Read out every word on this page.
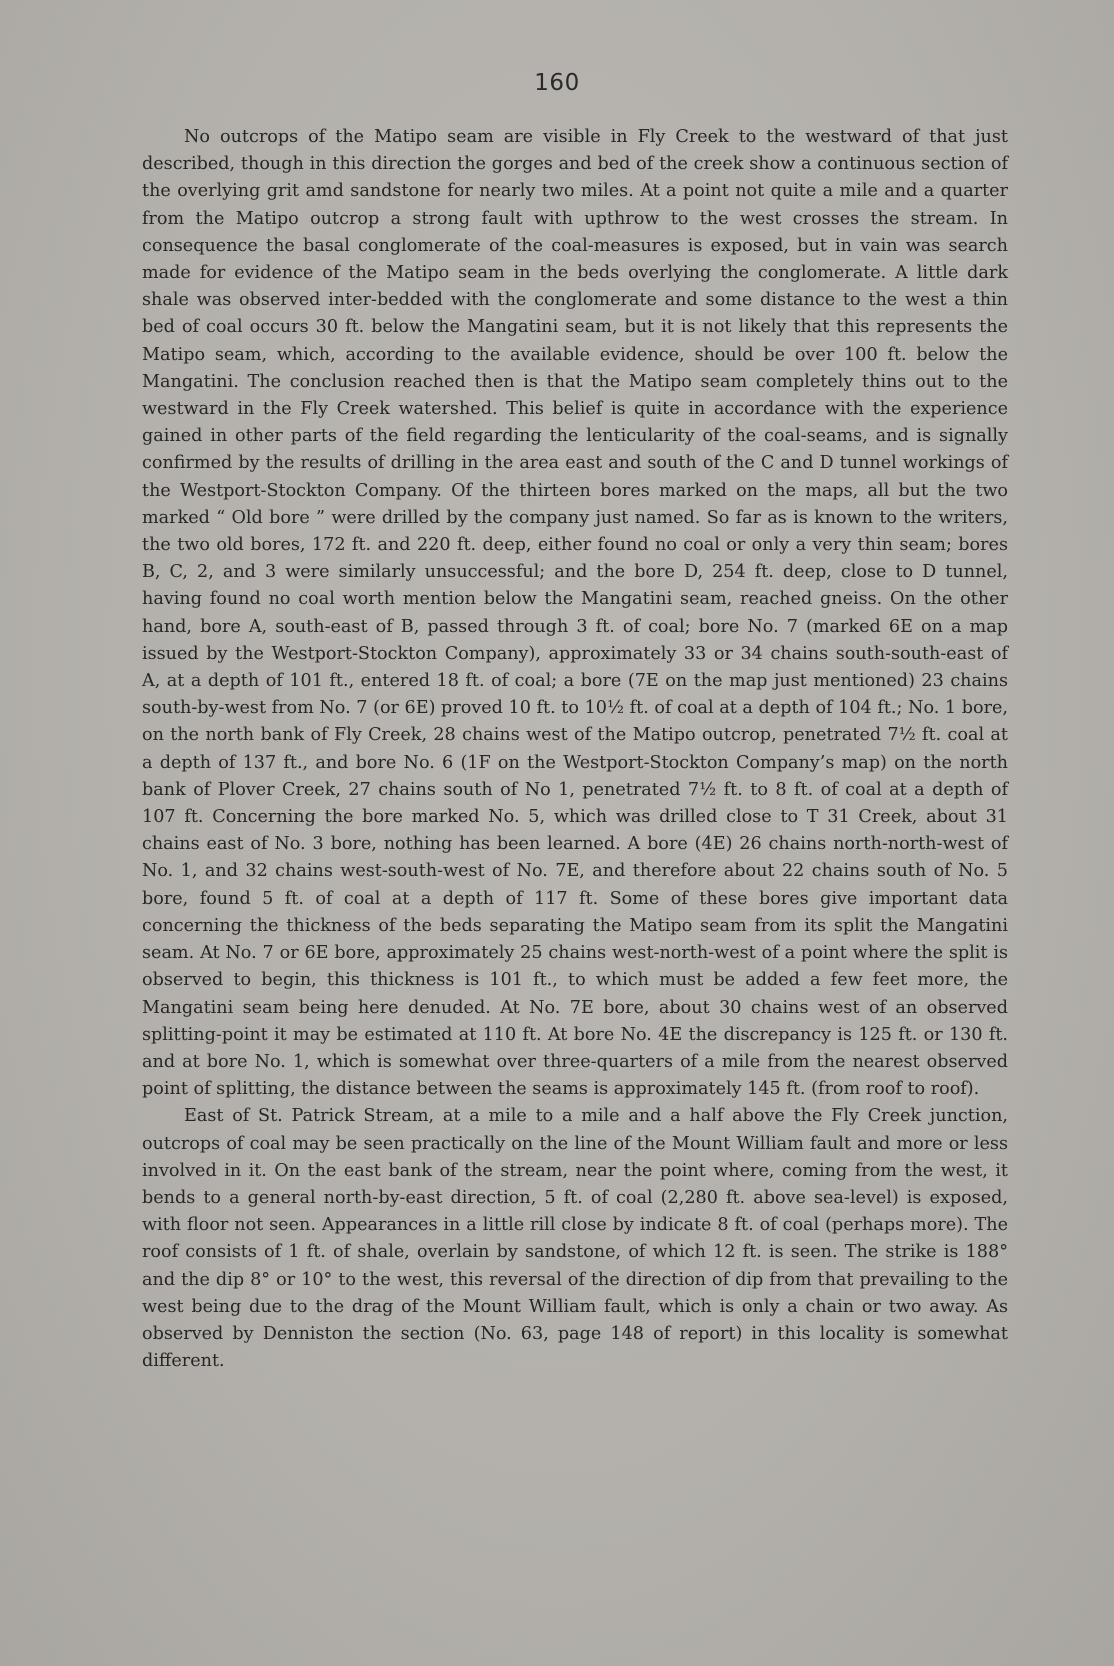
160

No outcrops of the Matipo seam are visible in Fly Creek to the westward of that just described, though in this direction the gorges and bed of the creek show a continuous section of the overlying grit amd sandstone for nearly two miles. At a point not quite a mile and a quarter from the Matipo outcrop a strong fault with upthrow to the west crosses the stream. In consequence the basal conglomerate of the coal-measures is exposed, but in vain was search made for evidence of the Matipo seam in the beds overlying the conglomerate. A little dark shale was observed inter-bedded with the conglomerate and some distance to the west a thin bed of coal occurs 30 ft. below the Mangatini seam, but it is not likely that this represents the Matipo seam, which, according to the available evidence, should be over 100 ft. below the Mangatini. The conclusion reached then is that the Matipo seam completely thins out to the westward in the Fly Creek watershed. This belief is quite in accordance with the experience gained in other parts of the field regarding the lenticularity of the coal-seams, and is signally confirmed by the results of drilling in the area east and south of the C and D tunnel workings of the Westport-Stockton Company. Of the thirteen bores marked on the maps, all but the two marked “ Old bore ” were drilled by the company just named. So far as is known to the writers, the two old bores, 172 ft. and 220 ft. deep, either found no coal or only a very thin seam; bores B, C, 2, and 3 were similarly unsuccessful; and the bore D, 254 ft. deep, close to D tunnel, having found no coal worth mention below the Mangatini seam, reached gneiss. On the other hand, bore A, south-east of B, passed through 3 ft. of coal; bore No. 7 (marked 6E on a map issued by the Westport-Stockton Company), approximately 33 or 34 chains south-south-east of A, at a depth of 101 ft., entered 18 ft. of coal; a bore (7E on the map just mentioned) 23 chains south-by-west from No. 7 (or 6E) proved 10 ft. to 10½ ft. of coal at a depth of 104 ft.; No. 1 bore, on the north bank of Fly Creek, 28 chains west of the Matipo outcrop, penetrated 7½ ft. coal at a depth of 137 ft., and bore No. 6 (1F on the Westport-Stockton Company’s map) on the north bank of Plover Creek, 27 chains south of No 1, penetrated 7½ ft. to 8 ft. of coal at a depth of 107 ft. Concerning the bore marked No. 5, which was drilled close to T 31 Creek, about 31 chains east of No. 3 bore, nothing has been learned. A bore (4E) 26 chains north-north-west of No. 1, and 32 chains west-south-west of No. 7E, and therefore about 22 chains south of No. 5 bore, found 5 ft. of coal at a depth of 117 ft. Some of these bores give important data concerning the thickness of the beds separating the Matipo seam from its split the Mangatini seam. At No. 7 or 6E bore, approximately 25 chains west-north-west of a point where the split is observed to begin, this thickness is 101 ft., to which must be added a few feet more, the Mangatini seam being here denuded. At No. 7E bore, about 30 chains west of an observed splitting-point it may be estimated at 110 ft. At bore No. 4E the discrepancy is 125 ft. or 130 ft. and at bore No. 1, which is somewhat over three-quarters of a mile from the nearest observed point of splitting, the distance between the seams is approximately 145 ft. (from roof to roof).

East of St. Patrick Stream, at a mile to a mile and a half above the Fly Creek junction, outcrops of coal may be seen practically on the line of the Mount William fault and more or less involved in it. On the east bank of the stream, near the point where, coming from the west, it bends to a general north-by-east direction, 5 ft. of coal (2,280 ft. above sea-level) is exposed, with floor not seen. Appearances in a little rill close by indicate 8 ft. of coal (perhaps more). The roof consists of 1 ft. of shale, overlain by sandstone, of which 12 ft. is seen. The strike is 188° and the dip 8° or 10° to the west, this reversal of the direction of dip from that prevailing to the west being due to the drag of the Mount William fault, which is only a chain or two away. As observed by Denniston the section (No. 63, page 148 of report) in this locality is somewhat different.
